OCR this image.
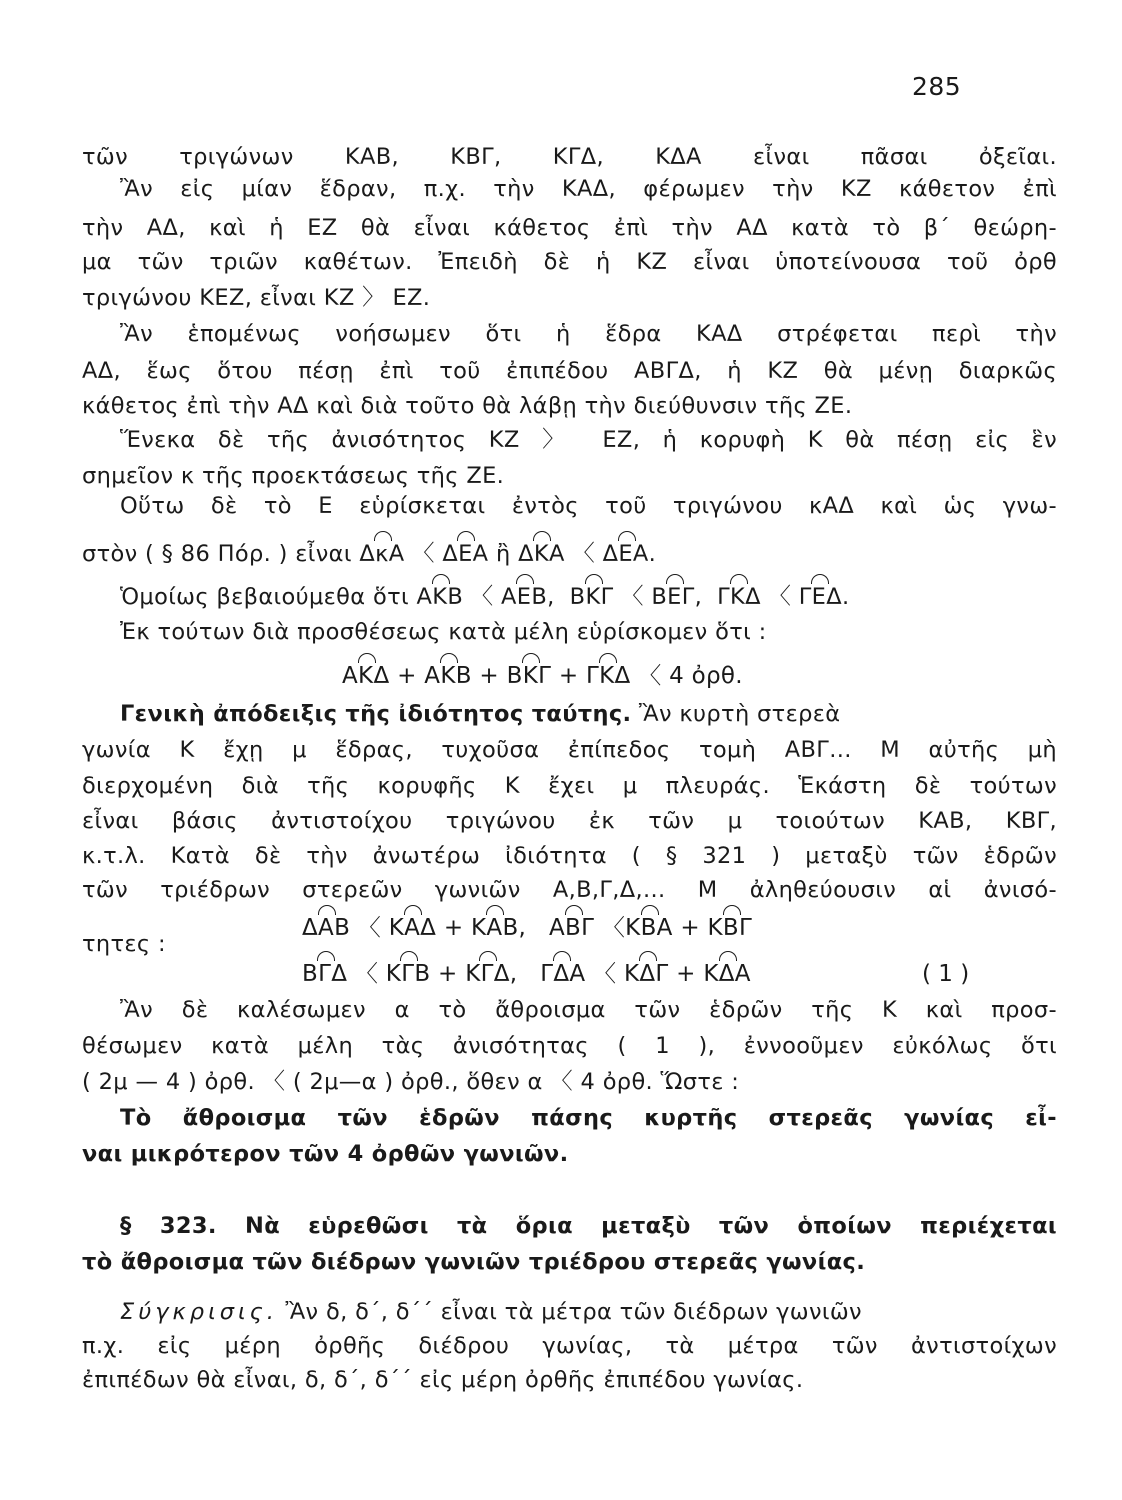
285
τῶν τριγώνων ΚΑΒ, ΚΒΓ, ΚΓΔ, ΚΔΑ εἶναι πᾶσαι ὀξεῖαι.
Ἂν εἰς μίαν ἕδραν, π.χ. τὴν ΚΑΔ, φέρωμεν τὴν ΚΖ κάθετον ἐπὶ
τὴν ΑΔ, καὶ ἡ ΕΖ θὰ εἶναι κάθετος ἐπὶ τὴν ΑΔ κατὰ τὸ β΄ θεώρη-
μα τῶν τριῶν καθέτων. Ἐπειδὴ δὲ ἡ ΚΖ εἶναι ὑποτείνουσα τοῦ ὀρθ
τριγώνου ΚΕΖ, εἶναι ΚΖ 〉 ΕΖ.
Ἂν ἑπομένως νοήσωμεν ὅτι ἡ ἕδρα ΚΑΔ στρέφεται περὶ τὴν
ΑΔ, ἕως ὅτου πέσῃ ἐπὶ τοῦ ἐπιπέδου ΑΒΓΔ, ἡ ΚΖ θὰ μένῃ διαρκῶς
κάθετος ἐπὶ τὴν ΑΔ καὶ διὰ τοῦτο θὰ λάβῃ τὴν διεύθυνσιν τῆς ΖΕ.
Ἕνεκα δὲ τῆς ἀνισότητος ΚΖ 〉 ΕΖ, ἡ κορυφὴ Κ θὰ πέσῃ εἰς ἓν
σημεῖον κ τῆς προεκτάσεως τῆς ΖΕ.
Οὕτω δὲ τὸ Ε εὑρίσκεται ἐντὸς τοῦ τριγώνου κΑΔ καὶ ὡς γνω-
στὸν ( § 86 Πόρ. ) εἶναι ΔκΑ 〈 ΔΕΑ ἢ ΔΚΑ 〈 ΔΕΑ.
Ὁμοίως βεβαιούμεθα ὅτι ΑΚΒ 〈 ΑΕΒ, ΒΚΓ 〈 ΒΕΓ, ΓΚΔ 〈 ΓΕΔ.
Ἐκ τούτων διὰ προσθέσεως κατὰ μέλη εὑρίσκομεν ὅτι :
ΑΚΔ + ΑΚΒ + ΒΚΓ + ΓΚΔ 〈 4 ὀρθ.
Γενικὴ ἀπόδειξις τῆς ἰδιότητος ταύτης. Ἂν κυρτὴ στερεὰ
γωνία Κ ἔχῃ μ ἕδρας, τυχοῦσα ἐπίπεδος τομὴ ΑΒΓ... Μ αὐτῆς μὴ
διερχομένη διὰ τῆς κορυφῆς Κ ἔχει μ πλευράς. Ἑκάστη δὲ τούτων
εἶναι βάσις ἀντιστοίχου τριγώνου ἐκ τῶν μ τοιούτων ΚΑΒ, ΚΒΓ,
κ.τ.λ. Κατὰ δὲ τὴν ἀνωτέρω ἰδιότητα ( § 321 ) μεταξὺ τῶν ἑδρῶν
τῶν τριέδρων στερεῶν γωνιῶν Α,Β,Γ,Δ,... Μ ἀληθεύουσιν αἱ ἀνισό-
τητες :
ΔΑΒ 〈 ΚΑΔ + ΚΑΒ, ΑΒΓ 〈ΚΒΑ + ΚΒΓ
ΒΓΔ 〈 ΚΓΒ + ΚΓΔ, ΓΔΑ 〈 ΚΔΓ + ΚΔΑ	( 1 )
Ἂν δὲ καλέσωμεν α τὸ ἄθροισμα τῶν ἑδρῶν τῆς Κ καὶ προσ-
θέσωμεν κατὰ μέλη τὰς ἀνισότητας ( 1 ), ἐννοοῦμεν εὐκόλως ὅτι
( 2μ — 4 ) ὀρθ. 〈 ( 2μ—α ) ὀρθ., ὅθεν α 〈 4 ὀρθ. Ὥστε :
Τὸ ἄθροισμα τῶν ἑδρῶν πάσης κυρτῆς στερεᾶς γωνίας εἶ-
ναι μικρότερον τῶν 4 ὀρθῶν γωνιῶν.
§ 323. Νὰ εὑρεθῶσι τὰ ὅρια μεταξὺ τῶν ὁποίων περιέχεται
τὸ ἄθροισμα τῶν διέδρων γωνιῶν τριέδρου στερεᾶς γωνίας.
Σύγκρισις. Ἂν δ, δ΄, δ΄΄ εἶναι τὰ μέτρα τῶν διέδρων γωνιῶν
π.χ. εἰς μέρη ὀρθῆς διέδρου γωνίας, τὰ μέτρα τῶν ἀντιστοίχων
ἐπιπέδων θὰ εἶναι, δ, δ΄, δ΄΄ εἰς μέρη ὀρθῆς ἐπιπέδου γωνίας.
